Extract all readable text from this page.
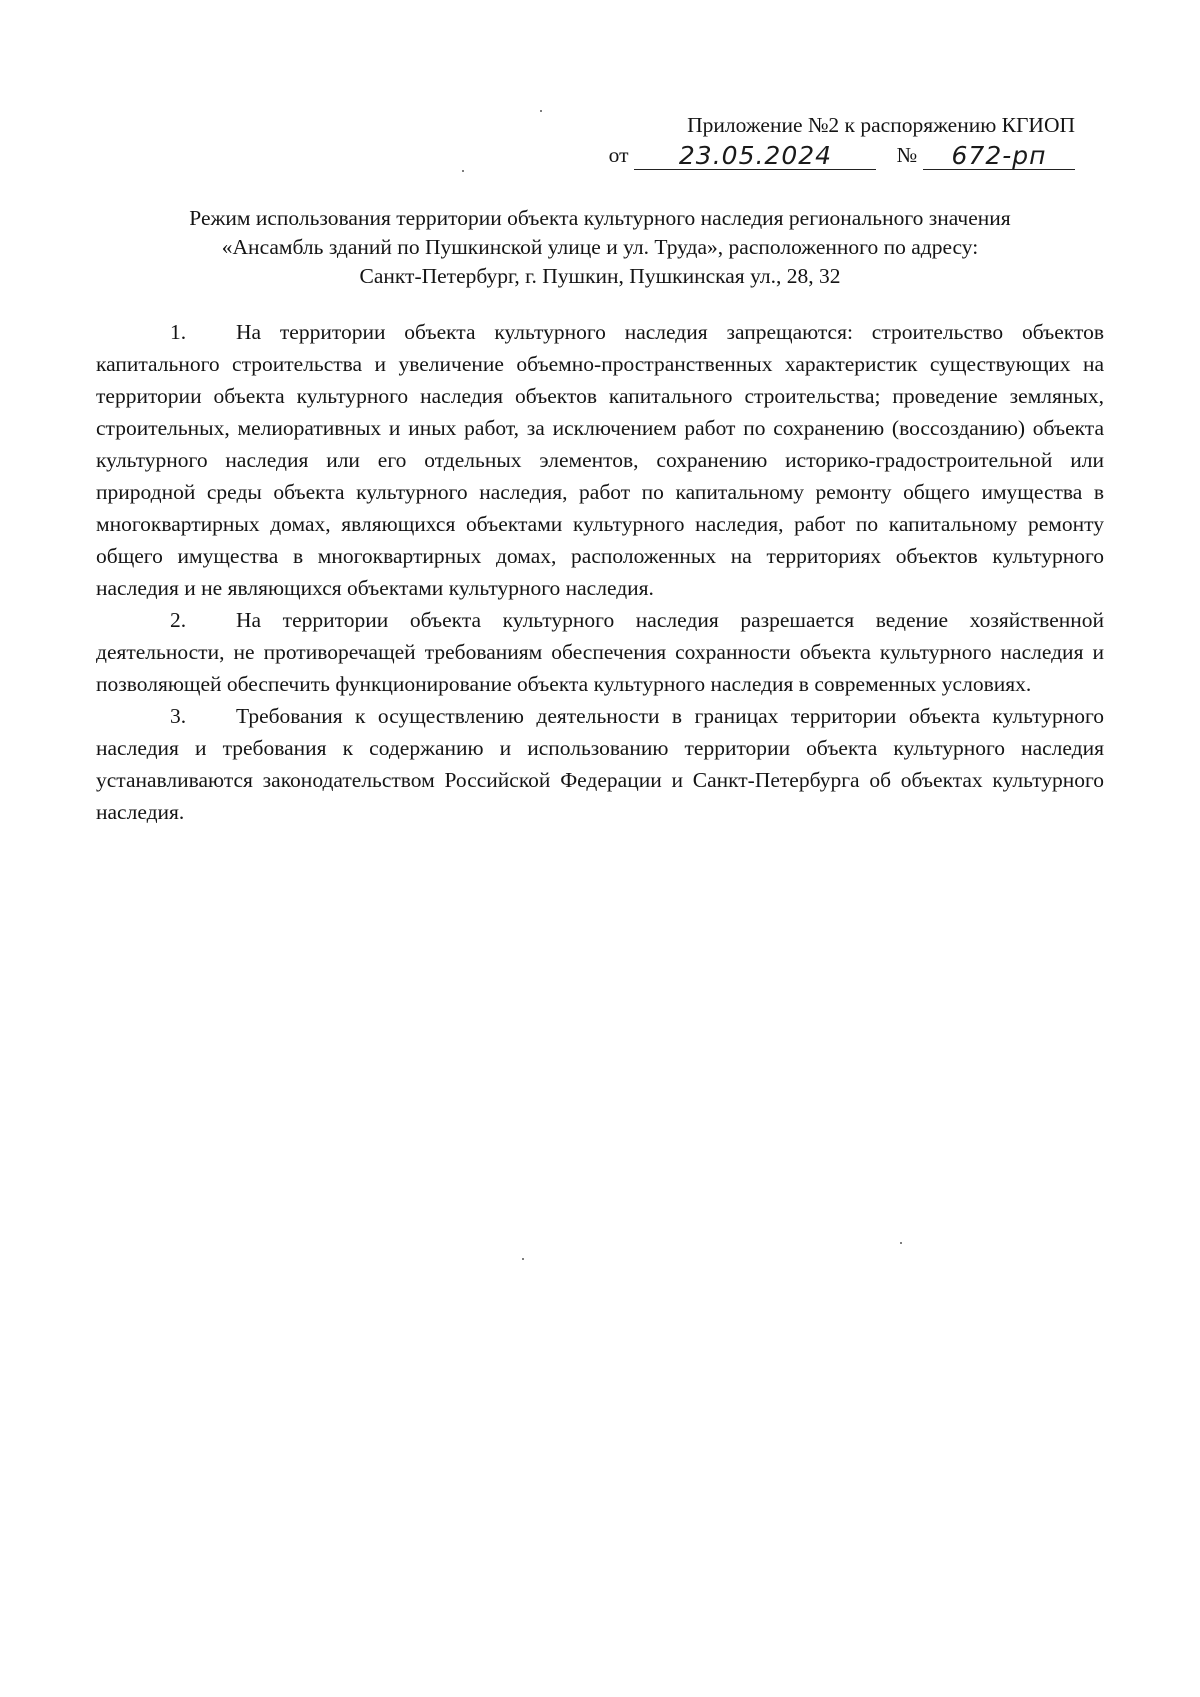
Приложение №2 к распоряжению КГИОП
от	23.05.2024	№	672-рп
Режим использования территории объекта культурного наследия регионального значения
«Ансамбль зданий по Пушкинской улице и ул. Труда», расположенного по адресу:
Санкт-Петербург, г. Пушкин, Пушкинская ул., 28, 32

1. На территории объекта культурного наследия запрещаются: строительство объектов капитального строительства и увеличение объемно-пространственных характеристик существующих на территории объекта культурного наследия объектов капитального строительства; проведение земляных, строительных, мелиоративных и иных работ, за исключением работ по сохранению (воссозданию) объекта культурного наследия или его отдельных элементов, сохранению историко-градостроительной или природной среды объекта культурного наследия, работ по капитальному ремонту общего имущества в многоквартирных домах, являющихся объектами культурного наследия, работ по капитальному ремонту общего имущества в многоквартирных домах, расположенных на территориях объектов культурного наследия и не являющихся объектами культурного наследия.

2. На территории объекта культурного наследия разрешается ведение хозяйственной деятельности, не противоречащей требованиям обеспечения сохранности объекта культурного наследия и позволяющей обеспечить функционирование объекта культурного наследия в современных условиях.

3. Требования к осуществлению деятельности в границах территории объекта культурного наследия и требования к содержанию и использованию территории объекта культурного наследия устанавливаются законодательством Российской Федерации и Санкт-Петербурга об объектах культурного наследия.
